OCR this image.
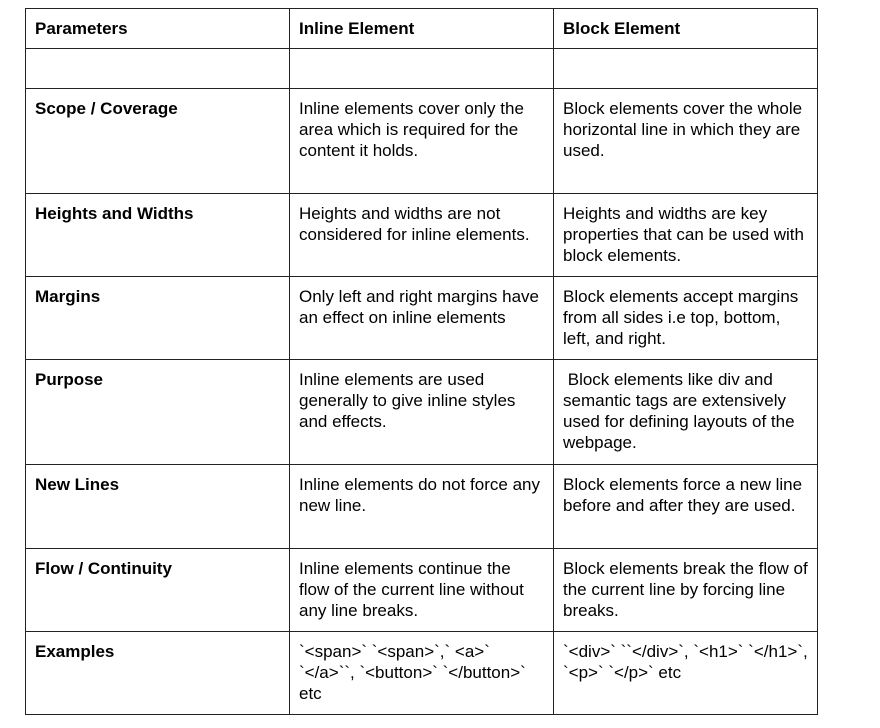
Parameters	Inline Element	Block Element

Scope / Coverage	Inline elements cover only the area which is required for the content it holds.	Block elements cover the whole horizontal line in which they are used.
Heights and Widths	Heights and widths are not considered for inline elements.	Heights and widths are key properties that can be used with block elements.
Margins	Only left and right margins have an effect on inline elements	Block elements accept margins from all sides i.e top, bottom, left, and right.
Purpose	Inline elements are used generally to give inline styles and effects.	Block elements like div and semantic tags are extensively used for defining layouts of the webpage.
New Lines	Inline elements do not force any new line.	Block elements force a new line before and after they are used.
Flow / Continuity	Inline elements continue the flow of the current line without any line breaks.	Block elements break the flow of the current line by forcing line breaks.
Examples	`<span>` `<span>`,` <a>` `</a>``, `<button>` `</button>` etc	`<div>` ``</div>`, `<h1>` `</h1>`, `<p>` `</p>` etc
